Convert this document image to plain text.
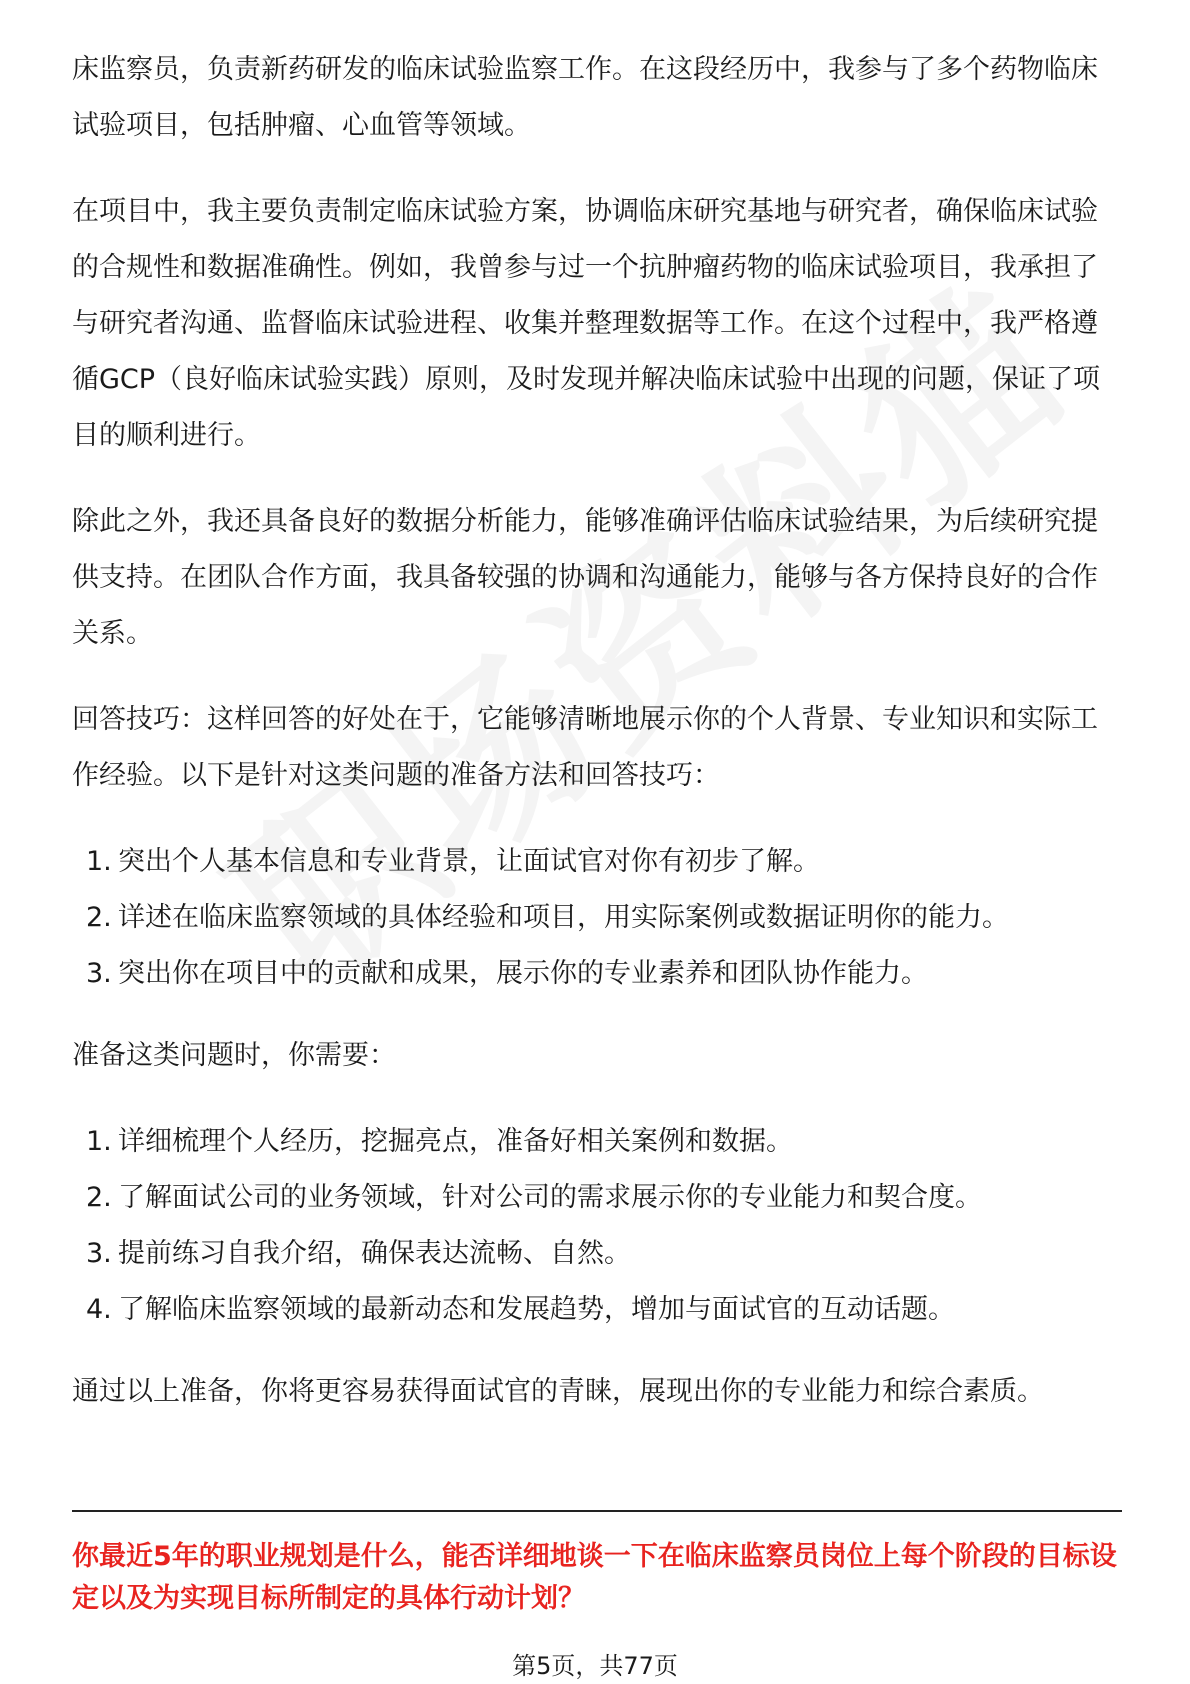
床监察员，负责新药研发的临床试验监察工作。在这段经历中，我参与了多个药物临床试验项目，包括肿瘤、心血管等领域。

在项目中，我主要负责制定临床试验方案，协调临床研究基地与研究者，确保临床试验的合规性和数据准确性。例如，我曾参与过一个抗肿瘤药物的临床试验项目，我承担了与研究者沟通、监督临床试验进程、收集并整理数据等工作。在这个过程中，我严格遵循GCP（良好临床试验实践）原则，及时发现并解决临床试验中出现的问题，保证了项目的顺利进行。

除此之外，我还具备良好的数据分析能力，能够准确评估临床试验结果，为后续研究提供支持。在团队合作方面，我具备较强的协调和沟通能力，能够与各方保持良好的合作关系。

回答技巧：这样回答的好处在于，它能够清晰地展示你的个人背景、专业知识和实际工作经验。以下是针对这类问题的准备方法和回答技巧：

1. 突出个人基本信息和专业背景，让面试官对你有初步了解。
2. 详述在临床监察领域的具体经验和项目，用实际案例或数据证明你的能力。
3. 突出你在项目中的贡献和成果，展示你的专业素养和团队协作能力。

准备这类问题时，你需要：

1. 详细梳理个人经历，挖掘亮点，准备好相关案例和数据。
2. 了解面试公司的业务领域，针对公司的需求展示你的专业能力和契合度。
3. 提前练习自我介绍，确保表达流畅、自然。
4. 了解临床监察领域的最新动态和发展趋势，增加与面试官的互动话题。

通过以上准备，你将更容易获得面试官的青睐，展现出你的专业能力和综合素质。

你最近5年的职业规划是什么，能否详细地谈一下在临床监察员岗位上每个阶段的目标设定以及为实现目标所制定的具体行动计划？
第5页，共77页
